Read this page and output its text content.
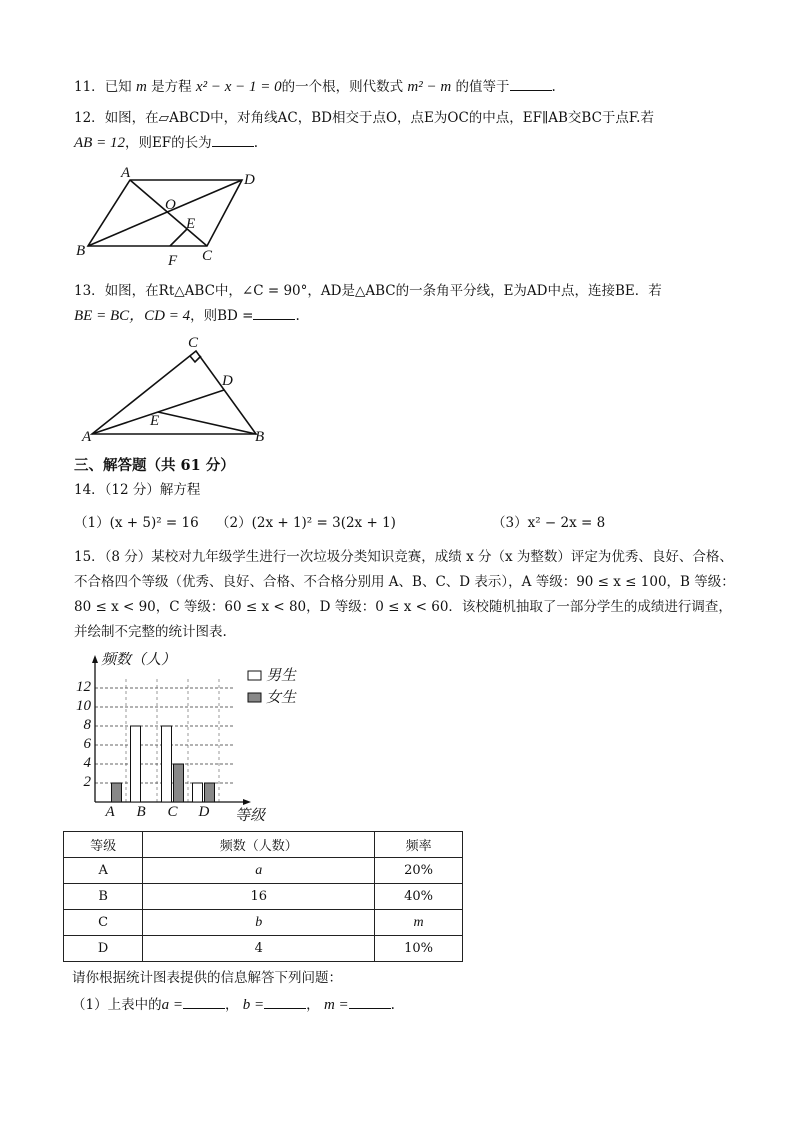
11．已知 m 是方程 x² − x − 1 = 0的一个根，则代数式 m² − m 的值等于	.
12．如图，在▱ABCD中，对角线AC，BD相交于点O，点E为OC的中点，EF∥AB交BC于点F.若
AB = 12，则EF的长为	.
A	D
B	C
O
E
F
13．如图，在Rt△ABC中，∠C = 90°，AD是△ABC的一条角平分线，E为AD中点，连接BE．若
BE = BC，CD = 4，则BD =	.
C
D
E
A	B
三、解答题（共 61 分）
14．（12 分）解方程
（1）(x + 5)² = 16 （2）(2x + 1)² = 3(2x + 1)	（3）x² − 2x = 8
15．（8 分）某校对九年级学生进行一次垃圾分类知识竞赛，成绩 x 分（x 为整数）评定为优秀、良好、合格、
不合格四个等级（优秀、良好、合格、不合格分别用 A、B、C、D 表示），A 等级：90 ≤ x ≤ 100，B 等级：
80 ≤ x < 90，C 等级：60 ≤ x < 80，D 等级：0 ≤ x < 60．该校随机抽取了一部分学生的成绩进行调查，
并绘制不完整的统计图表.
2
4
6
8
10
12
频数（人）
等级
A B C D
男生
女生
等级	频数（人数）	频率
A	a	20%
B	16	40%
C	b	m
D	4	10%
请你根据统计图表提供的信息解答下列问题：
（1）上表中的a =	， b =	， m =	.
